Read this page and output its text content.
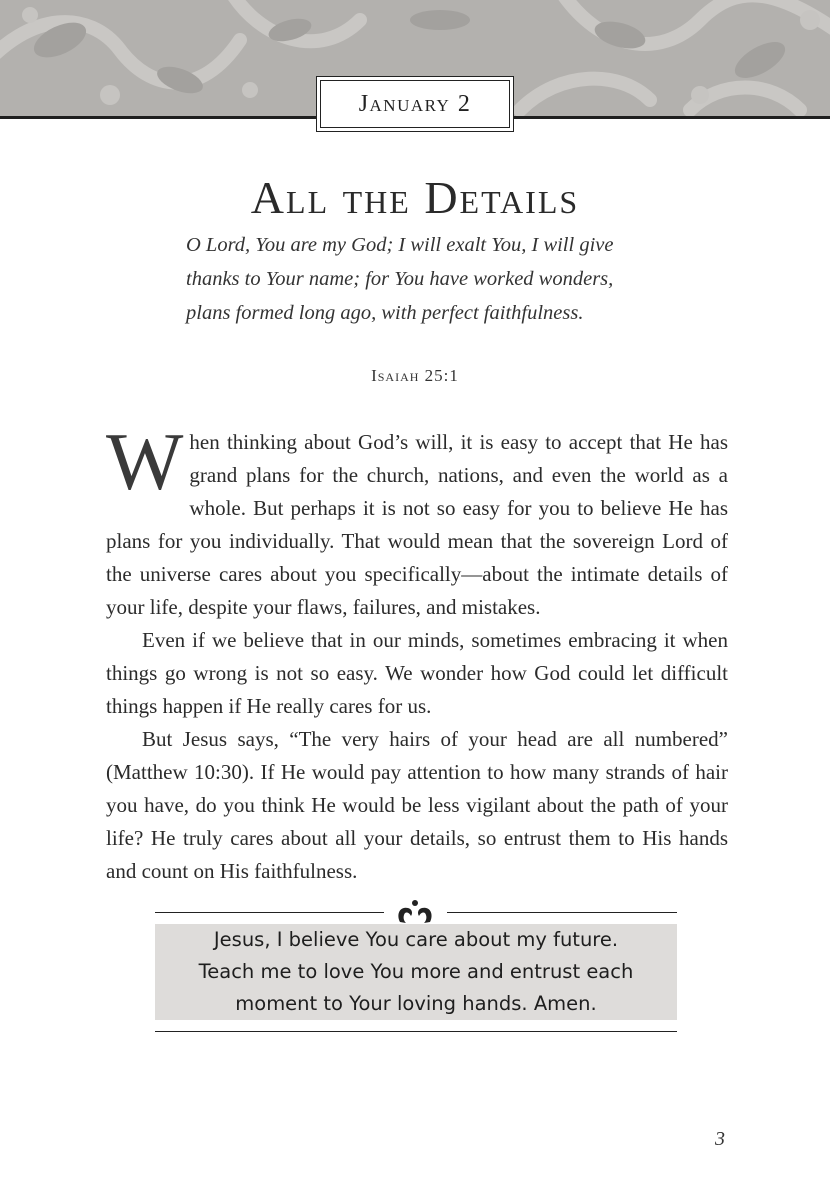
January 2
All the Details
O Lord, You are my God; I will exalt You, I will give thanks to Your name; for You have worked wonders, plans formed long ago, with perfect faithfulness.
Isaiah 25:1

When thinking about God’s will, it is easy to accept that He has grand plans for the church, nations, and even the world as a whole. But perhaps it is not so easy for you to believe He has plans for you individually. That would mean that the sovereign Lord of the universe cares about you specifically—about the intimate details of your life, despite your flaws, failures, and mistakes.

Even if we believe that in our minds, sometimes embracing it when things go wrong is not so easy. We wonder how God could let difficult things happen if He really cares for us.

But Jesus says, “The very hairs of your head are all numbered” (Matthew 10:30). If He would pay attention to how many strands of hair you have, do you think He would be less vigilant about the path of your life? He truly cares about all your details, so entrust them to His hands and count on His faithfulness.

Jesus, I believe You care about my future.
Teach me to love You more and entrust each
moment to Your loving hands. Amen.
3
